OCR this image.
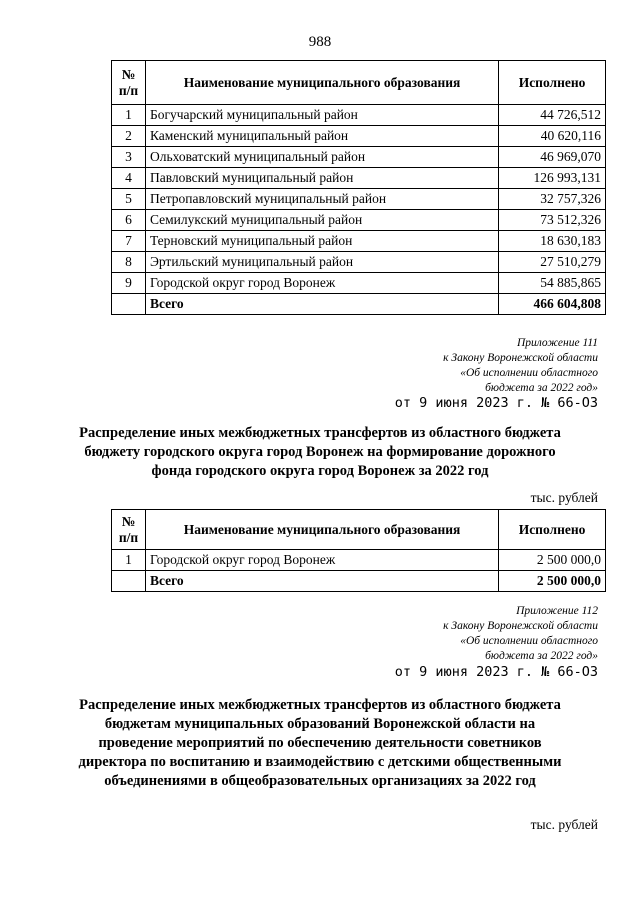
988
№ п/п	Наименование муниципального образования	Исполнено
1	Богучарский муниципальный район	44 726,512
2	Каменский муниципальный район	40 620,116
3	Ольховатский муниципальный район	46 969,070
4	Павловский муниципальный район	126 993,131
5	Петропавловский муниципальный район	32 757,326
6	Семилукский муниципальный район	73 512,326
7	Терновский муниципальный район	18 630,183
8	Эртильский муниципальный район	27 510,279
9	Городской округ город Воронеж	54 885,865
	Всего	466 604,808
Приложение 111
к Закону Воронежской области
«Об исполнении областного
бюджета за 2022 год»
от 9 июня 2023 г. № 66-ОЗ
Распределение иных межбюджетных трансфертов из областного бюджета бюджету городского округа город Воронеж на формирование дорожного фонда городского округа город Воронеж за 2022 год
тыс. рублей
№ п/п	Наименование муниципального образования	Исполнено
1	Городской округ город Воронеж	2 500 000,0
	Всего	2 500 000,0
Приложение 112
к Закону Воронежской области
«Об исполнении областного
бюджета за 2022 год»
от 9 июня 2023 г. № 66-ОЗ
Распределение иных межбюджетных трансфертов из областного бюджета бюджетам муниципальных образований Воронежской области на проведение мероприятий по обеспечению деятельности советников директора по воспитанию и взаимодействию с детскими общественными объединениями в общеобразовательных организациях за 2022 год
тыс. рублей
